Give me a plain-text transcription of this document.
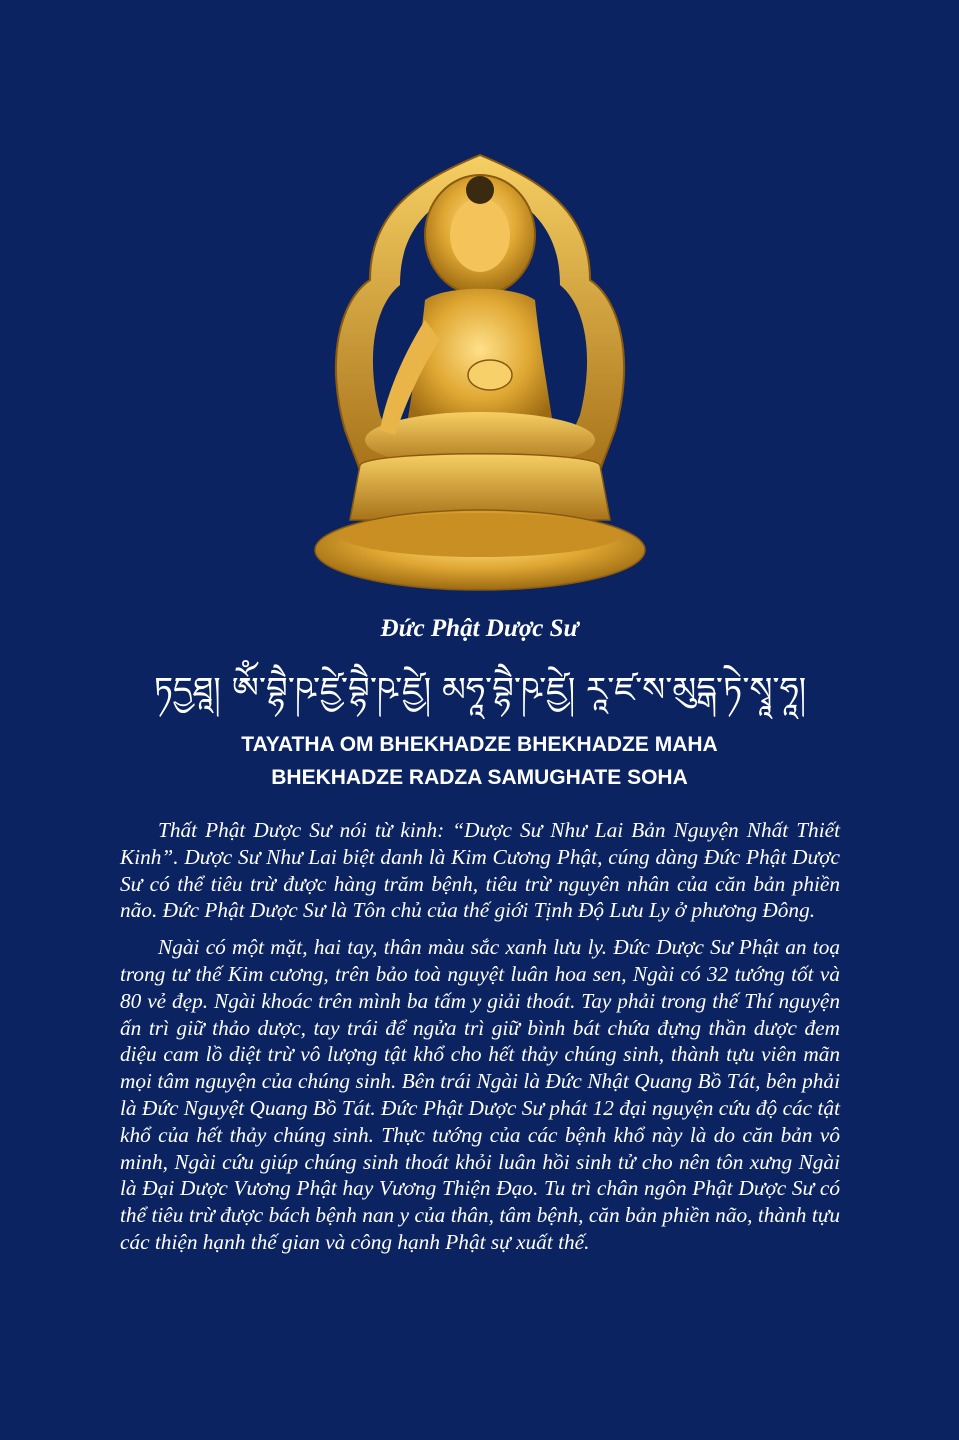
Đức Phật Dược Sư
ཏདྱཐཱ། ཨོཾ་བྷཻ་ཥ་ཛྱེ་བྷཻ་ཥ་ཛྱེ། མཧཱ་བྷཻ་ཥ་ཛྱེ། རཱ་ཛ་ས་མུདྒ་ཏེ་སྭཱ་ཧཱ།
TAYATHA OM BHEKHADZE BHEKHADZE MAHA
BHEKHADZE RADZA SAMUGHATE SOHA

Thất Phật Dược Sư nói từ kinh: “Dược Sư Như Lai Bản Nguyện Nhất Thiết Kinh”. Dược Sư Như Lai biệt danh là Kim Cương Phật, cúng dàng Đức Phật Dược Sư có thể tiêu trừ được hàng trăm bệnh, tiêu trừ nguyên nhân của căn bản phiền não. Đức Phật Dược Sư là Tôn chủ của thế giới Tịnh Độ Lưu Ly ở phương Đông.

Ngài có một mặt, hai tay, thân màu sắc xanh lưu ly. Đức Dược Sư Phật an toạ trong tư thế Kim cương, trên bảo toà nguyệt luân hoa sen, Ngài có 32 tướng tốt và 80 vẻ đẹp. Ngài khoác trên mình ba tấm y giải thoát. Tay phải trong thế Thí nguyện ấn trì giữ thảo dược, tay trái để ngửa trì giữ bình bát chứa đựng thần dược đem diệu cam lồ diệt trừ vô lượng tật khổ cho hết thảy chúng sinh, thành tựu viên mãn mọi tâm nguyện của chúng sinh. Bên trái Ngài là Đức Nhật Quang Bồ Tát, bên phải là Đức Nguyệt Quang Bồ Tát. Đức Phật Dược Sư phát 12 đại nguyện cứu độ các tật khổ của hết thảy chúng sinh. Thực tướng của các bệnh khổ này là do căn bản vô minh, Ngài cứu giúp chúng sinh thoát khỏi luân hồi sinh tử cho nên tôn xưng Ngài là Đại Dược Vương Phật hay Vương Thiện Đạo. Tu trì chân ngôn Phật Dược Sư có thể tiêu trừ được bách bệnh nan y của thân, tâm bệnh, căn bản phiền não, thành tựu các thiện hạnh thế gian và công hạnh Phật sự xuất thế.
